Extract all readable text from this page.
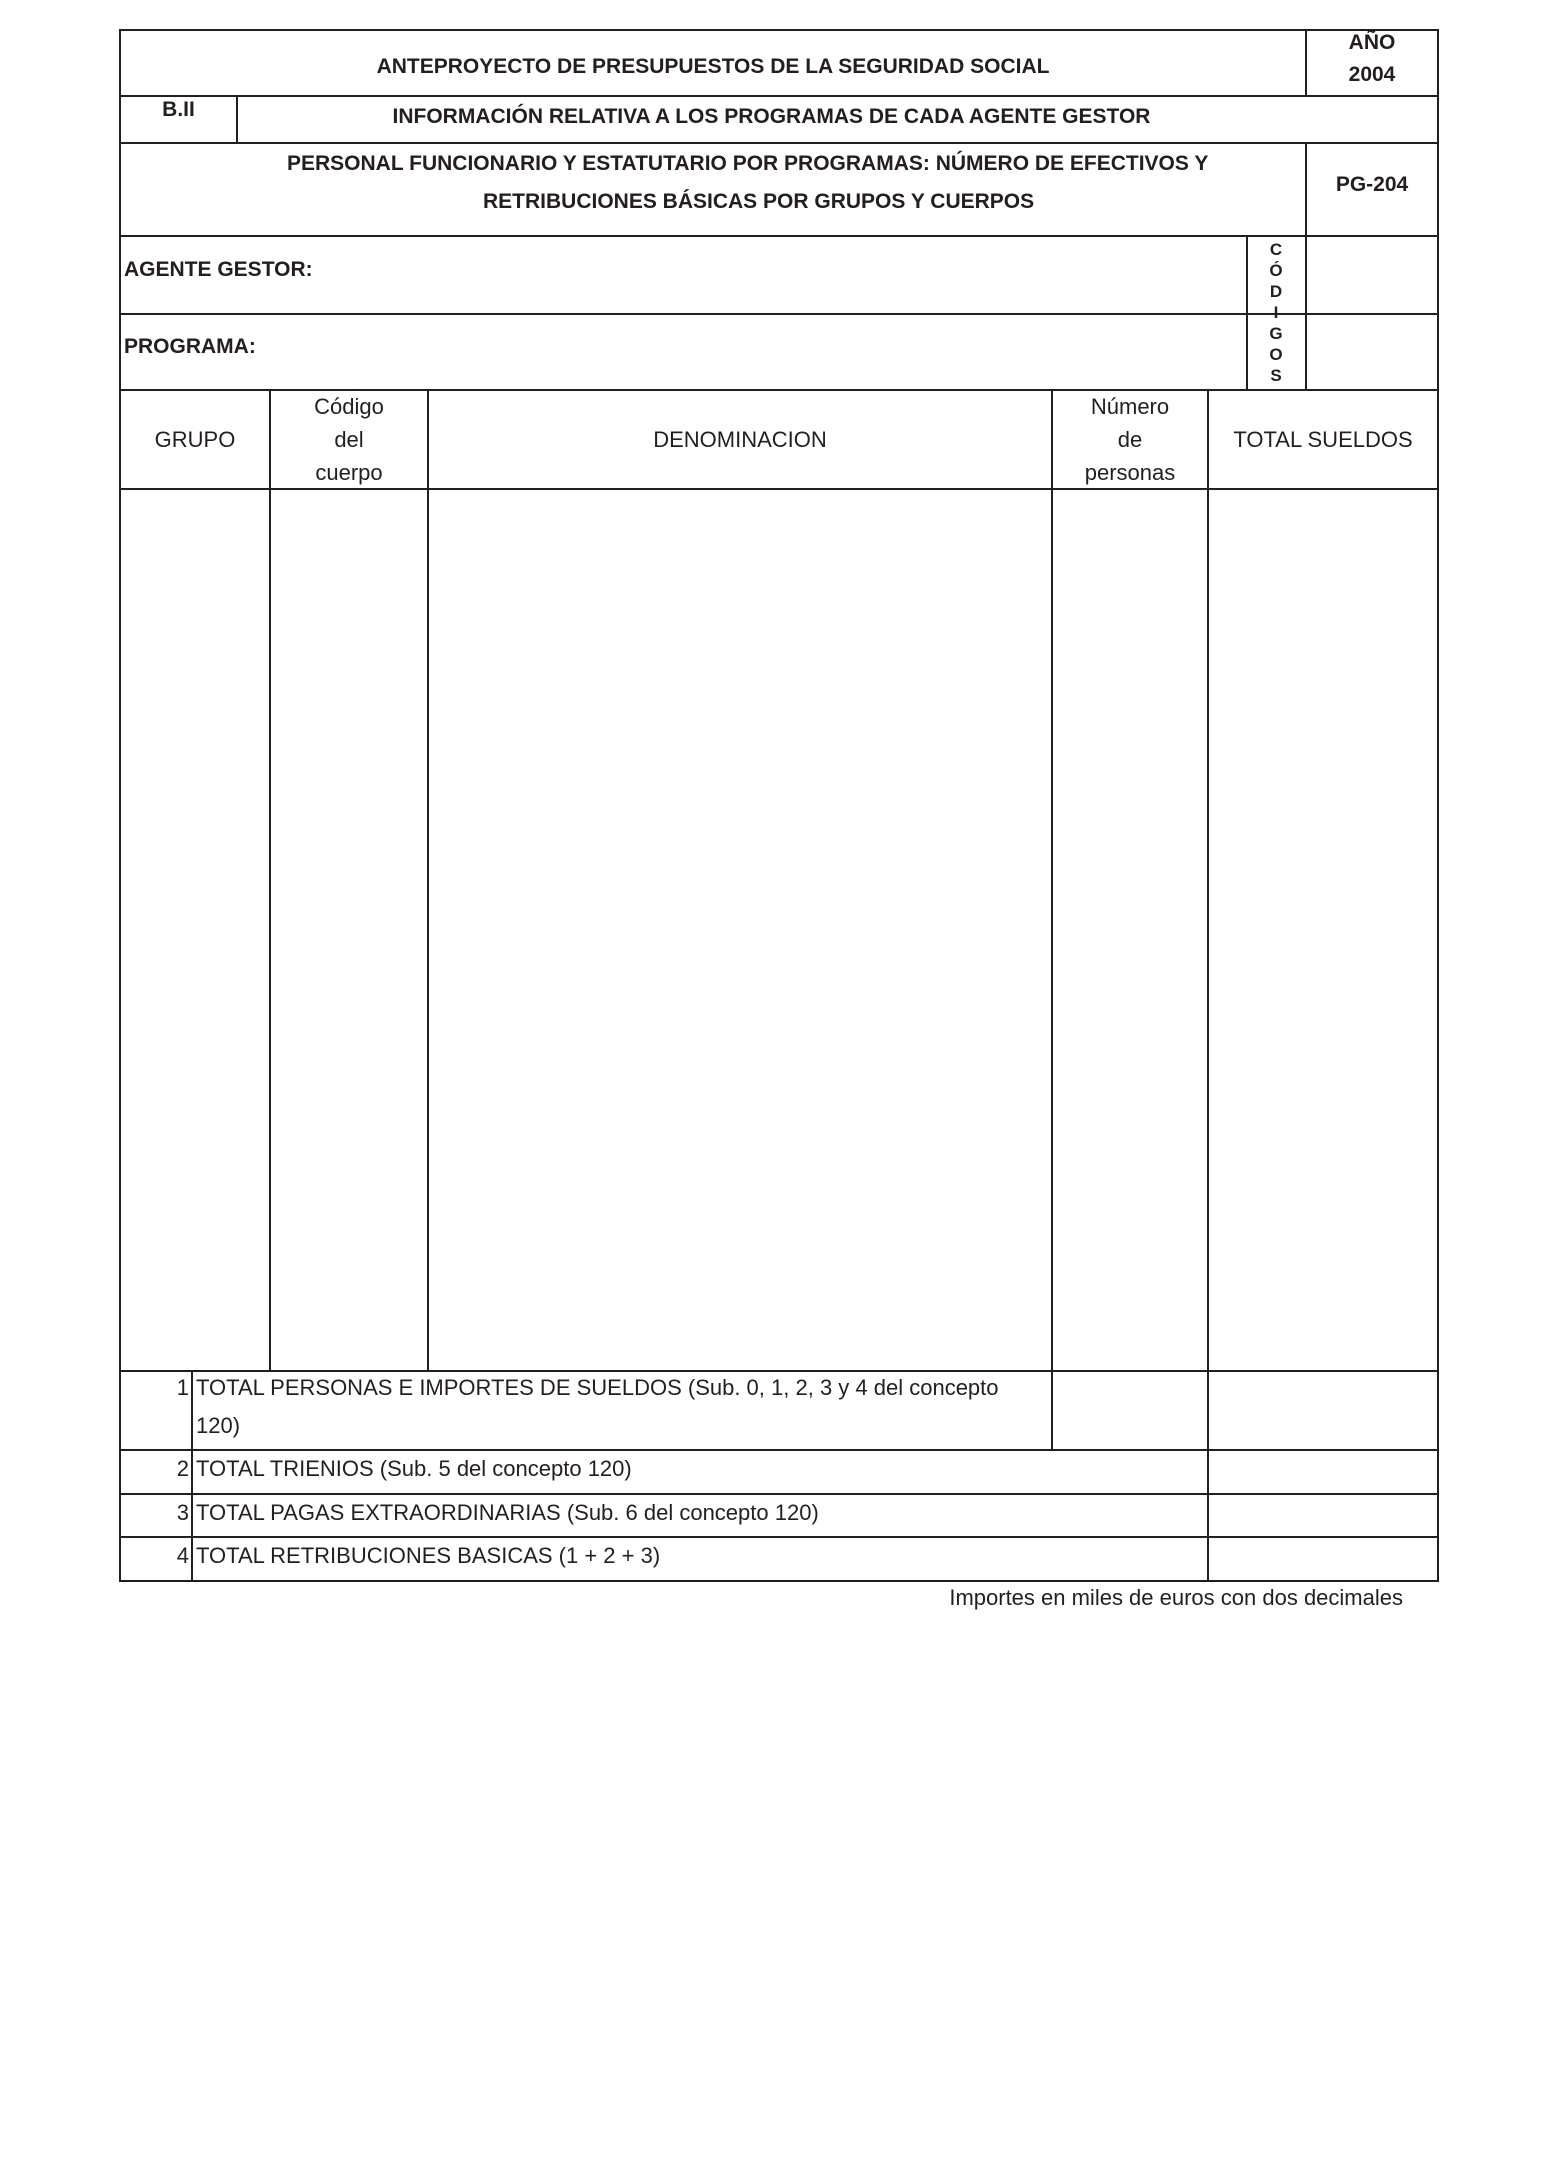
ANTEPROYECTO DE PRESUPUESTOS DE LA SEGURIDAD SOCIAL
AÑO
2004
B.II	INFORMACIÓN RELATIVA A LOS PROGRAMAS DE CADA AGENTE GESTOR
PERSONAL FUNCIONARIO Y ESTATUTARIO POR PROGRAMAS: NÚMERO DE EFECTIVOS Y
RETRIBUCIONES BÁSICAS POR GRUPOS Y CUERPOS
PG-204
AGENTE GESTOR:
PROGRAMA:
C
Ó
D
I
G
O
S
GRUPO
Código
del
cuerpo
DENOMINACION
Número
de
personas
TOTAL SUELDOS
1 TOTAL PERSONAS E IMPORTES DE SUELDOS (Sub. 0, 1, 2, 3 y 4 del concepto
120)
2 TOTAL TRIENIOS (Sub. 5 del concepto 120)
3 TOTAL PAGAS EXTRAORDINARIAS (Sub. 6 del concepto 120)
4 TOTAL RETRIBUCIONES BASICAS (1 + 2 + 3)
Importes en miles de euros con dos decimales
